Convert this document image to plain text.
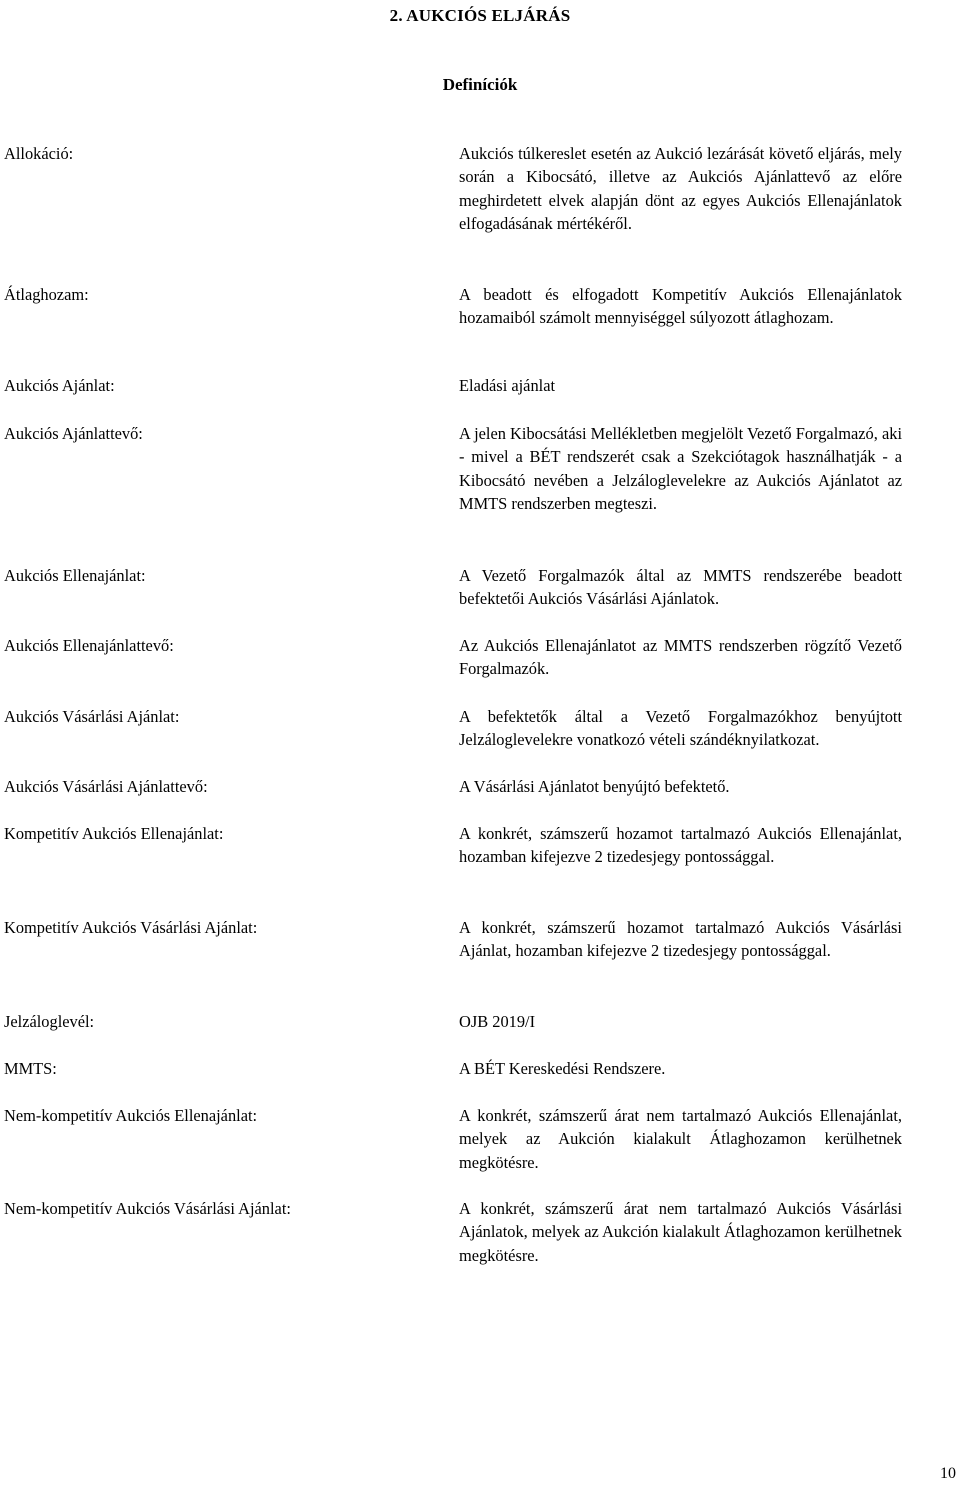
2. AUKCIÓS ELJÁRÁS
Definíciók
Allokáció:	Aukciós túlkereslet esetén az Aukció lezárását követő eljárás, mely során a Kibocsátó, illetve az Aukciós Ajánlattevő az előre meghirdetett elvek alapján dönt az egyes Aukciós Ellenajánlatok elfogadásának mértékéről.
Átlaghozam:	A beadott és elfogadott Kompetitív Aukciós Ellenajánlatok hozamaiból számolt mennyiséggel súlyozott átlaghozam.
Aukciós Ajánlat:	Eladási ajánlat
Aukciós Ajánlattevő:	A jelen Kibocsátási Mellékletben megjelölt Vezető Forgalmazó, aki - mivel a BÉT rendszerét csak a Szekciótagok használhatják - a Kibocsátó nevében a Jelzáloglevelekre az Aukciós Ajánlatot az MMTS rendszerben megteszi.
Aukciós Ellenajánlat:	A Vezető Forgalmazók által az MMTS rendszerébe beadott befektetői Aukciós Vásárlási Ajánlatok.
Aukciós Ellenajánlattevő:	Az Aukciós Ellenajánlatot az MMTS rendszerben rögzítő Vezető Forgalmazók.
Aukciós Vásárlási Ajánlat:	A befektetők által a Vezető Forgalmazókhoz benyújtott Jelzáloglevelekre vonatkozó vételi szándéknyilatkozat.
Aukciós Vásárlási Ajánlattevő:	A Vásárlási Ajánlatot benyújtó befektető.
Kompetitív Aukciós Ellenajánlat:	A konkrét, számszerű hozamot tartalmazó Aukciós Ellenajánlat, hozamban kifejezve 2 tizedesjegy pontossággal.
Kompetitív Aukciós Vásárlási Ajánlat:	A konkrét, számszerű hozamot tartalmazó Aukciós Vásárlási Ajánlat, hozamban kifejezve 2 tizedesjegy pontossággal.
Jelzáloglevél:	OJB 2019/I
MMTS:	A BÉT Kereskedési Rendszere.
Nem-kompetitív Aukciós Ellenajánlat:	A konkrét, számszerű árat nem tartalmazó Aukciós Ellenajánlat, melyek az Aukción kialakult Átlaghozamon kerülhetnek megkötésre.
Nem-kompetitív Aukciós Vásárlási Ajánlat:	A konkrét, számszerű árat nem tartalmazó Aukciós Vásárlási Ajánlatok, melyek az Aukción kialakult Átlaghozamon kerülhetnek megkötésre.
10
